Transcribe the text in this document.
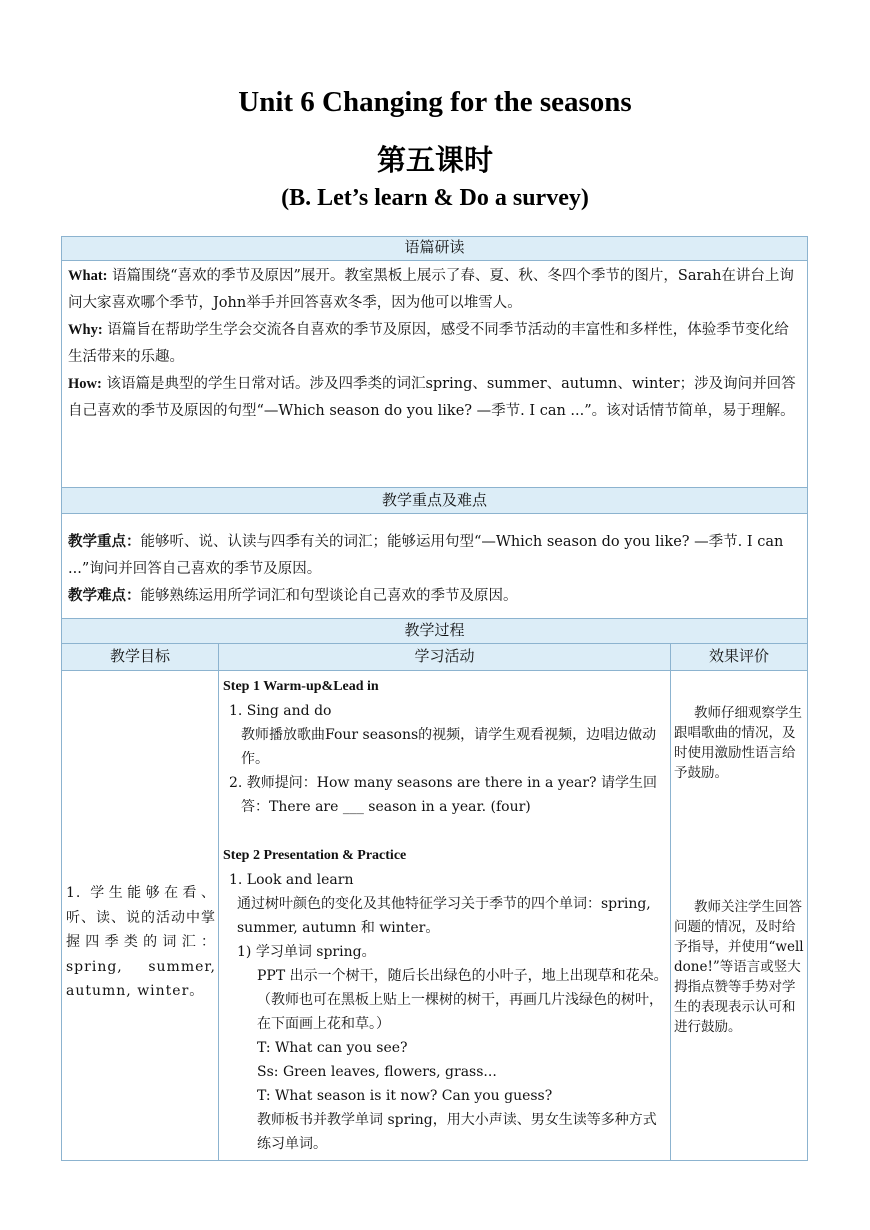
Unit 6 Changing for the seasons
第五课时
(B. Let’s learn & Do a survey)
语篇研读

What: 语篇围绕“喜欢的季节及原因”展开。教室黑板上展示了春、夏、秋、冬四个季节的图片，Sarah在讲台上询问大家喜欢哪个季节，John举手并回答喜欢冬季，因为他可以堆雪人。

Why: 语篇旨在帮助学生学会交流各自喜欢的季节及原因，感受不同季节活动的丰富性和多样性，体验季节变化给生活带来的乐趣。

How: 该语篇是典型的学生日常对话。涉及四季类的词汇spring、summer、autumn、winter；涉及询问并回答自己喜欢的季节及原因的句型“—Which season do you like? —季节. I can ...”。该对话情节简单，易于理解。

教学重点及难点

教学重点：能够听、说、认读与四季有关的词汇；能够运用句型“—Which season do you like? —季节. I can ...”询问并回答自己喜欢的季节及原因。

教学难点：能够熟练运用所学词汇和句型谈论自己喜欢的季节及原因。

教学过程
教学目标	学习活动	效果评价
1. 学生能够在看、听、读、说的活动中掌握四季类的词汇：spring, summer, autumn, winter。

Step 1 Warm-up&Lead in

1. Sing and do

教师播放歌曲Four seasons的视频，请学生观看视频，边唱边做动作。

2. 教师提问：How many seasons are there in a year? 请学生回答：There are ___ season in a year. (four)

Step 2 Presentation & Practice

1. Look and learn

通过树叶颜色的变化及其他特征学习关于季节的四个单词：spring, summer, autumn 和 winter。

1) 学习单词 spring。

PPT 出示一个树干，随后长出绿色的小叶子，地上出现草和花朵。（教师也可在黑板上贴上一棵树的树干，再画几片浅绿色的树叶，在下面画上花和草。）

T: What can you see?

Ss: Green leaves, flowers, grass...

T: What season is it now? Can you guess?

教师板书并教学单词 spring，用大小声读、男女生读等多种方式练习单词。

教师仔细观察学生跟唱歌曲的情况，及时使用激励性语言给予鼓励。
教师关注学生回答问题的情况，及时给予指导，并使用“well done!”等语言或竖大拇指点赞等手势对学生的表现表示认可和进行鼓励。
